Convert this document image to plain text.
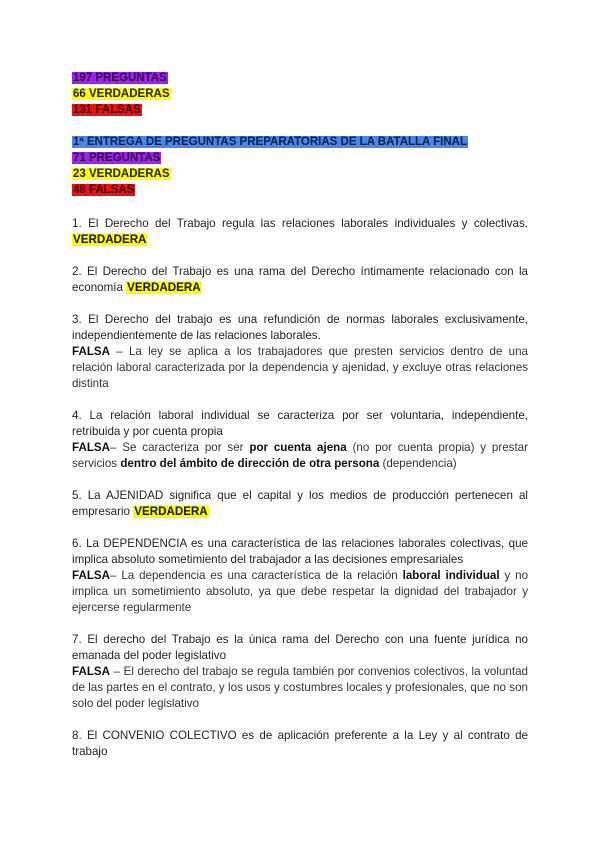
197 PREGUNTAS
66 VERDADERAS
131 FALSAS
1ª ENTREGA DE PREGUNTAS PREPARATORIAS DE LA BATALLA FINAL
71 PREGUNTAS
23 VERDADERAS
48 FALSAS
1. El Derecho del Trabajo regula las relaciones laborales individuales y colectivas. VERDADERA
2. El Derecho del Trabajo es una rama del Derecho íntimamente relacionado con la economía VERDADERA
3. El Derecho del trabajo es una refundición de normas laborales exclusivamente, independientemente de las relaciones laborales.
FALSA – La ley se aplica a los trabajadores que presten servicios dentro de una relación laboral caracterizada por la dependencia y ajenidad, y excluye otras relaciones distinta
4. La relación laboral individual se caracteriza por ser voluntaria, independiente, retribuida y por cuenta propia
FALSA– Se caracteriza por ser por cuenta ajena (no por cuenta propia) y prestar servicios dentro del ámbito de dirección de otra persona (dependencia)
5. La AJENIDAD significa que el capital y los medios de producción pertenecen al empresario VERDADERA
6. La DEPENDENCIA es una característica de las relaciones laborales colectivas, que implica absoluto sometimiento del trabajador a las decisiones empresariales
FALSA– La dependencia es una característica de la relación laboral individual y no implica un sometimiento absoluto, ya que debe respetar la dignidad del trabajador y ejercerse regularmente
7. El derecho del Trabajo es la única rama del Derecho con una fuente jurídica no emanada del poder legislativo
FALSA – El derecho del trabajo se regula también por convenios colectivos, la voluntad de las partes en el contrato, y los usos y costumbres locales y profesionales, que no son solo del poder legislativo
8. El CONVENIO COLECTIVO es de aplicación preferente a la Ley y al contrato de trabajo
